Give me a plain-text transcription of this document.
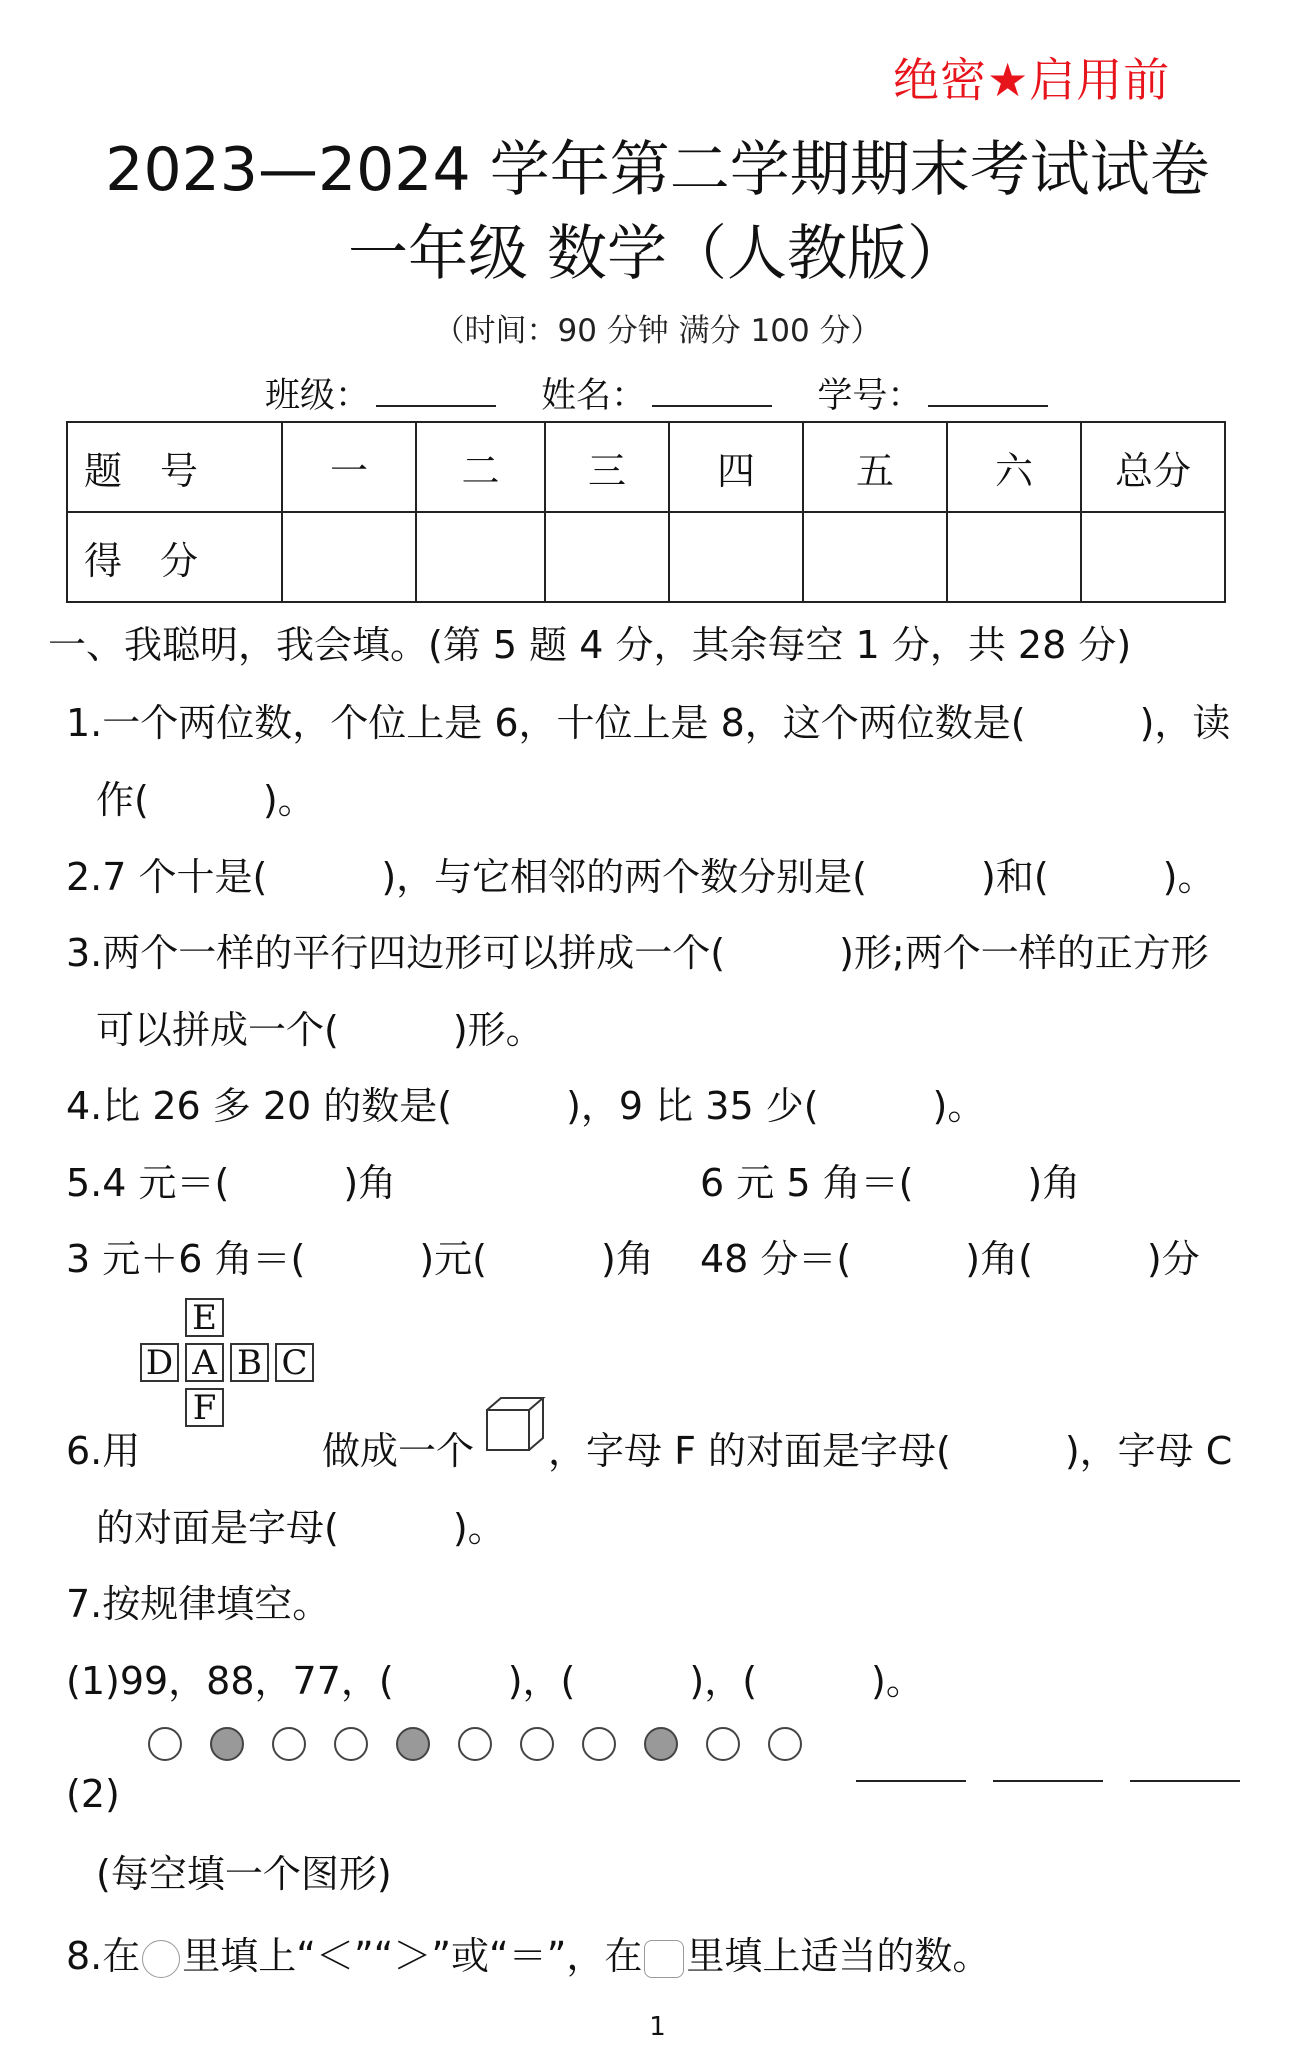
绝密★启用前
2023—2024 学年第二学期期末考试试卷
一年级 数学（人教版）
（时间：90 分钟 满分 100 分）
班级：	姓名：	学号：
题　号	一	二	三	四	五	六	总分
得　分							
一、我聪明，我会填。(第 5 题 4 分，其余每空 1 分，共 28 分)
1.一个两位数，个位上是 6，十位上是 8，这个两位数是(　　　)，读
作(　　　)。
2.7 个十是(　　　)，与它相邻的两个数分别是(　　　)和(　　　)。
3.两个一样的平行四边形可以拼成一个(　　　)形;两个一样的正方形
可以拼成一个(　　　)形。
4.比 26 多 20 的数是(　　　)，9 比 35 少(　　　)。
5.4 元＝(　　　)角	6 元 5 角＝(　　　)角
3 元＋6 角＝(　　　)元(　　　)角 48 分＝(　　　)角(　　　)分
E
D A B C
F
6.用	做成一个 ，字母 F 的对面是字母(　　　)，字母 C
的对面是字母(　　　)。
7.按规律填空。
(1)99，88，77，(　　　)，(　　　)，(　　　)。
(2)
(每空填一个图形)
8.在 里填上“＜”“＞”或“＝”，在 里填上适当的数。
1
